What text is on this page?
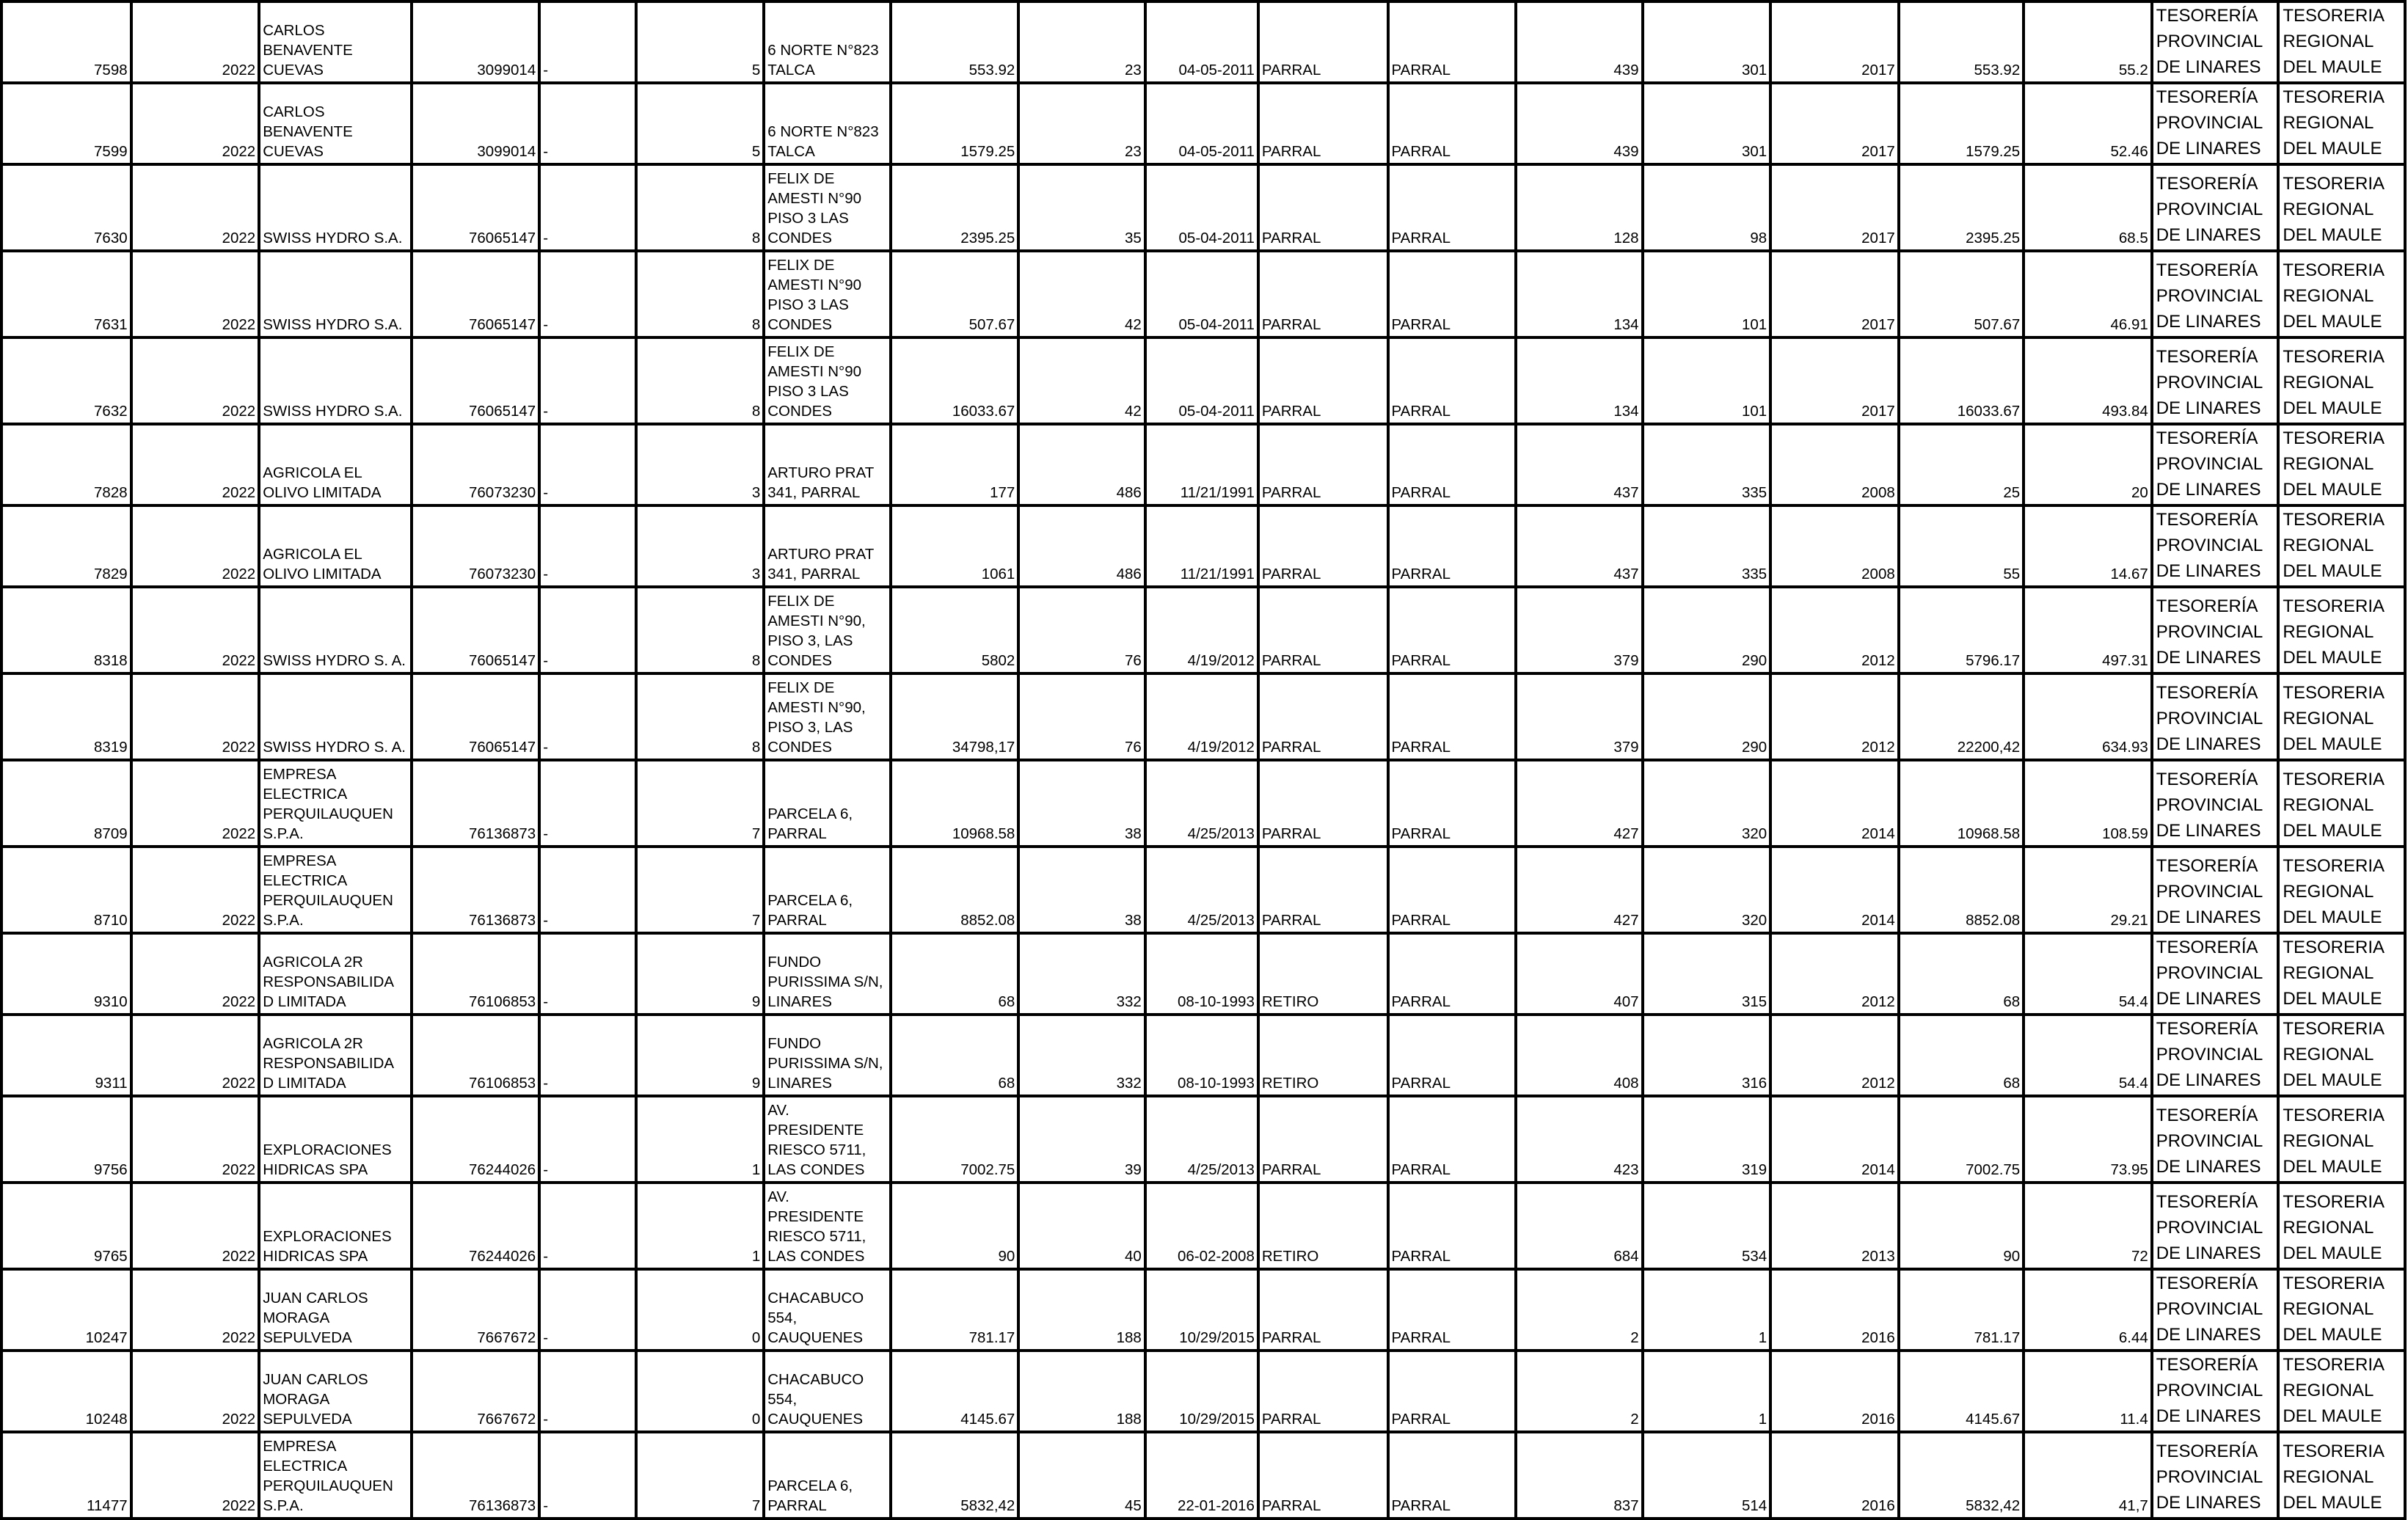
7598	2022	CARLOS BENAVENTE CUEVAS	3099014	-	5	6 NORTE N°823 TALCA	553.92	23	04-05-2011	PARRAL	PARRAL	439	301	2017	553.92	55.2	TESORERÍA PROVINCIAL DE LINARES	TESORERIA REGIONAL DEL MAULE
7599	2022	CARLOS BENAVENTE CUEVAS	3099014	-	5	6 NORTE N°823 TALCA	1579.25	23	04-05-2011	PARRAL	PARRAL	439	301	2017	1579.25	52.46	TESORERÍA PROVINCIAL DE LINARES	TESORERIA REGIONAL DEL MAULE
7630	2022	SWISS HYDRO S.A.	76065147	-	8	FELIX DE AMESTI N°90 PISO 3 LAS CONDES	2395.25	35	05-04-2011	PARRAL	PARRAL	128	98	2017	2395.25	68.5	TESORERÍA PROVINCIAL DE LINARES	TESORERIA REGIONAL DEL MAULE
7631	2022	SWISS HYDRO S.A.	76065147	-	8	FELIX DE AMESTI N°90 PISO 3 LAS CONDES	507.67	42	05-04-2011	PARRAL	PARRAL	134	101	2017	507.67	46.91	TESORERÍA PROVINCIAL DE LINARES	TESORERIA REGIONAL DEL MAULE
7632	2022	SWISS HYDRO S.A.	76065147	-	8	FELIX DE AMESTI N°90 PISO 3 LAS CONDES	16033.67	42	05-04-2011	PARRAL	PARRAL	134	101	2017	16033.67	493.84	TESORERÍA PROVINCIAL DE LINARES	TESORERIA REGIONAL DEL MAULE
7828	2022	AGRICOLA EL OLIVO LIMITADA	76073230	-	3	ARTURO PRAT 341, PARRAL	177	486	11/21/1991	PARRAL	PARRAL	437	335	2008	25	20	TESORERÍA PROVINCIAL DE LINARES	TESORERIA REGIONAL DEL MAULE
7829	2022	AGRICOLA EL OLIVO LIMITADA	76073230	-	3	ARTURO PRAT 341, PARRAL	1061	486	11/21/1991	PARRAL	PARRAL	437	335	2008	55	14.67	TESORERÍA PROVINCIAL DE LINARES	TESORERIA REGIONAL DEL MAULE
8318	2022	SWISS HYDRO S. A.	76065147	-	8	FELIX DE AMESTI N°90, PISO 3, LAS CONDES	5802	76	4/19/2012	PARRAL	PARRAL	379	290	2012	5796.17	497.31	TESORERÍA PROVINCIAL DE LINARES	TESORERIA REGIONAL DEL MAULE
8319	2022	SWISS HYDRO S. A.	76065147	-	8	FELIX DE AMESTI N°90, PISO 3, LAS CONDES	34798,17	76	4/19/2012	PARRAL	PARRAL	379	290	2012	22200,42	634.93	TESORERÍA PROVINCIAL DE LINARES	TESORERIA REGIONAL DEL MAULE
8709	2022	EMPRESA ELECTRICA PERQUILAUQUEN S.P.A.	76136873	-	7	PARCELA 6, PARRAL	10968.58	38	4/25/2013	PARRAL	PARRAL	427	320	2014	10968.58	108.59	TESORERÍA PROVINCIAL DE LINARES	TESORERIA REGIONAL DEL MAULE
8710	2022	EMPRESA ELECTRICA PERQUILAUQUEN S.P.A.	76136873	-	7	PARCELA 6, PARRAL	8852.08	38	4/25/2013	PARRAL	PARRAL	427	320	2014	8852.08	29.21	TESORERÍA PROVINCIAL DE LINARES	TESORERIA REGIONAL DEL MAULE
9310	2022	AGRICOLA 2R RESPONSABILIDA D LIMITADA	76106853	-	9	FUNDO PURISSIMA S/N, LINARES	68	332	08-10-1993	RETIRO	PARRAL	407	315	2012	68	54.4	TESORERÍA PROVINCIAL DE LINARES	TESORERIA REGIONAL DEL MAULE
9311	2022	AGRICOLA 2R RESPONSABILIDA D LIMITADA	76106853	-	9	FUNDO PURISSIMA S/N, LINARES	68	332	08-10-1993	RETIRO	PARRAL	408	316	2012	68	54.4	TESORERÍA PROVINCIAL DE LINARES	TESORERIA REGIONAL DEL MAULE
9756	2022	EXPLORACIONES HIDRICAS SPA	76244026	-	1	AV. PRESIDENTE RIESCO 5711, LAS CONDES	7002.75	39	4/25/2013	PARRAL	PARRAL	423	319	2014	7002.75	73.95	TESORERÍA PROVINCIAL DE LINARES	TESORERIA REGIONAL DEL MAULE
9765	2022	EXPLORACIONES HIDRICAS SPA	76244026	-	1	AV. PRESIDENTE RIESCO 5711, LAS CONDES	90	40	06-02-2008	RETIRO	PARRAL	684	534	2013	90	72	TESORERÍA PROVINCIAL DE LINARES	TESORERIA REGIONAL DEL MAULE
10247	2022	JUAN CARLOS MORAGA SEPULVEDA	7667672	-	0	CHACABUCO 554, CAUQUENES	781.17	188	10/29/2015	PARRAL	PARRAL	2	1	2016	781.17	6.44	TESORERÍA PROVINCIAL DE LINARES	TESORERIA REGIONAL DEL MAULE
10248	2022	JUAN CARLOS MORAGA SEPULVEDA	7667672	-	0	CHACABUCO 554, CAUQUENES	4145.67	188	10/29/2015	PARRAL	PARRAL	2	1	2016	4145.67	11.4	TESORERÍA PROVINCIAL DE LINARES	TESORERIA REGIONAL DEL MAULE
11477	2022	EMPRESA ELECTRICA PERQUILAUQUEN S.P.A.	76136873	-	7	PARCELA 6, PARRAL	5832,42	45	22-01-2016	PARRAL	PARRAL	837	514	2016	5832,42	41,7	TESORERÍA PROVINCIAL DE LINARES	TESORERIA REGIONAL DEL MAULE
